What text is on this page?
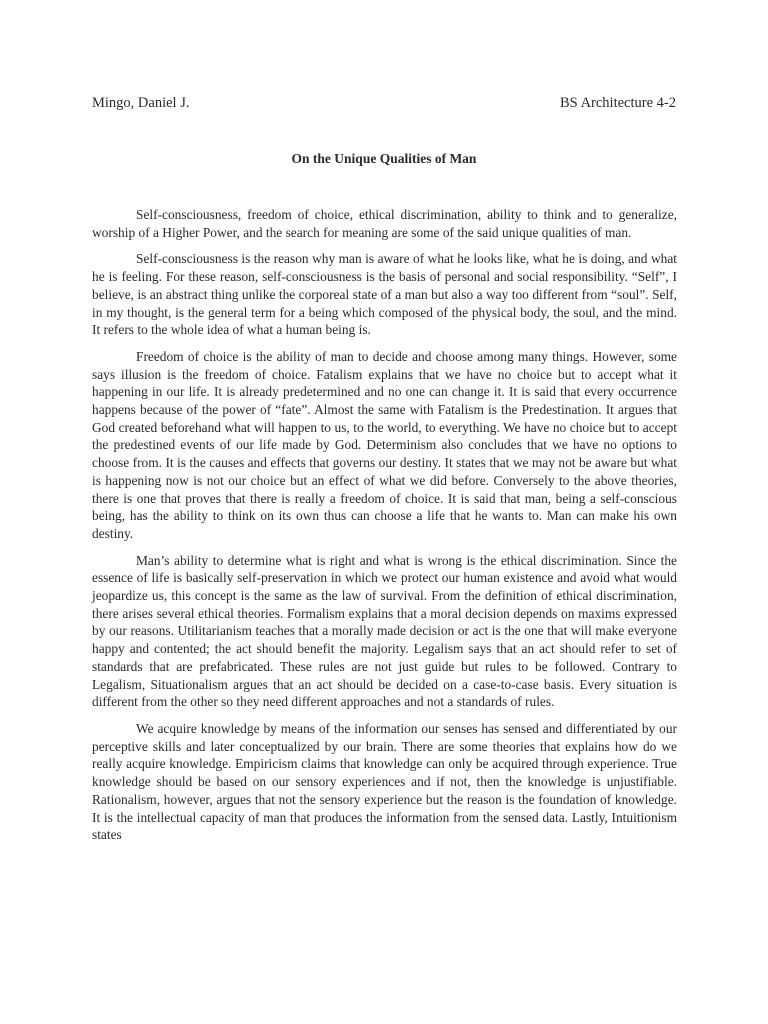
Mingo, Daniel J.	BS Architecture 4-2
On the Unique Qualities of Man

Self-consciousness, freedom of choice, ethical discrimination, ability to think and to generalize, worship of a Higher Power, and the search for meaning are some of the said unique qualities of man.

Self-consciousness is the reason why man is aware of what he looks like, what he is doing, and what he is feeling. For these reason, self-consciousness is the basis of personal and social responsibility. “Self”, I believe, is an abstract thing unlike the corporeal state of a man but also a way too different from “soul”. Self, in my thought, is the general term for a being which composed of the physical body, the soul, and the mind. It refers to the whole idea of what a human being is.

Freedom of choice is the ability of man to decide and choose among many things. However, some says illusion is the freedom of choice. Fatalism explains that we have no choice but to accept what it happening in our life. It is already predetermined and no one can change it. It is said that every occurrence happens because of the power of “fate”. Almost the same with Fatalism is the Predestination. It argues that God created beforehand what will happen to us, to the world, to everything. We have no choice but to accept the predestined events of our life made by God. Determinism also concludes that we have no options to choose from. It is the causes and effects that governs our destiny. It states that we may not be aware but what is happening now is not our choice but an effect of what we did before. Conversely to the above theories, there is one that proves that there is really a freedom of choice. It is said that man, being a self-conscious being, has the ability to think on its own thus can choose a life that he wants to. Man can make his own destiny.

Man’s ability to determine what is right and what is wrong is the ethical discrimination. Since the essence of life is basically self-preservation in which we protect our human existence and avoid what would jeopardize us, this concept is the same as the law of survival. From the definition of ethical discrimination, there arises several ethical theories. Formalism explains that a moral decision depends on maxims expressed by our reasons. Utilitarianism teaches that a morally made decision or act is the one that will make everyone happy and contented; the act should benefit the majority. Legalism says that an act should refer to set of standards that are prefabricated. These rules are not just guide but rules to be followed. Contrary to Legalism, Situationalism argues that an act should be decided on a case-to-case basis. Every situation is different from the other so they need different approaches and not a standards of rules.

We acquire knowledge by means of the information our senses has sensed and differentiated by our perceptive skills and later conceptualized by our brain. There are some theories that explains how do we really acquire knowledge. Empiricism claims that knowledge can only be acquired through experience. True knowledge should be based on our sensory experiences and if not, then the knowledge is unjustifiable. Rationalism, however, argues that not the sensory experience but the reason is the foundation of knowledge. It is the intellectual capacity of man that produces the information from the sensed data. Lastly, Intuitionism states
